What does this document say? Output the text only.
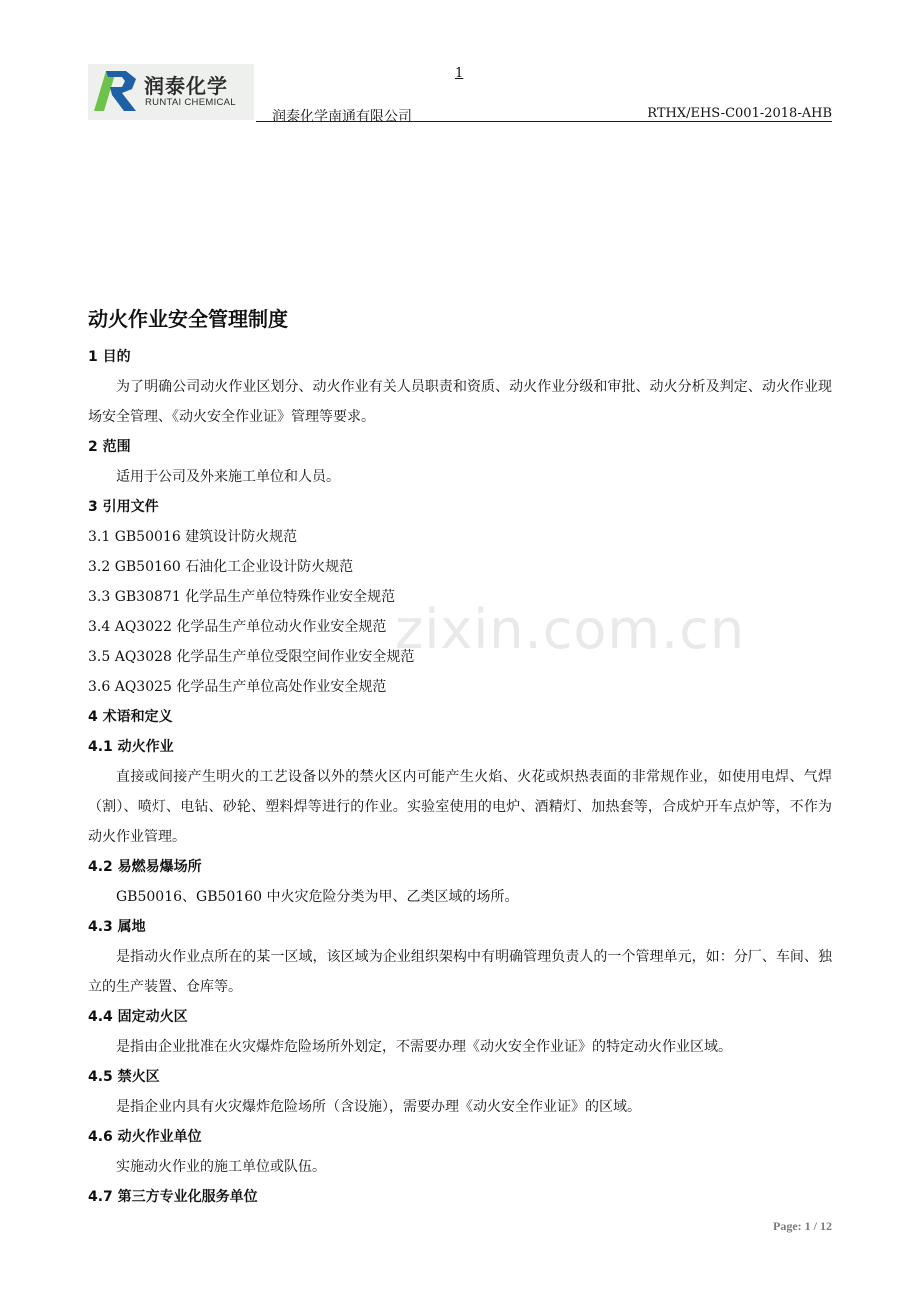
润泰化学
RUNTAI CHEMICAL
1
润泰化学南通有限公司	RTHX/EHS-C001-2018-AHB
zixin.com.cn
动火作业安全管理制度
1 目的
为了明确公司动火作业区划分、动火作业有关人员职责和资质、动火作业分级和审批、动火分析及判定、动火作业现场安全管理、《动火安全作业证》管理等要求。
2 范围
适用于公司及外来施工单位和人员。
3 引用文件
3.1 GB50016 建筑设计防火规范
3.2 GB50160 石油化工企业设计防火规范
3.3 GB30871 化学品生产单位特殊作业安全规范
3.4 AQ3022 化学品生产单位动火作业安全规范
3.5 AQ3028 化学品生产单位受限空间作业安全规范
3.6 AQ3025 化学品生产单位高处作业安全规范
4 术语和定义
4.1 动火作业
直接或间接产生明火的工艺设备以外的禁火区内可能产生火焰、火花或炽热表面的非常规作业，如使用电焊、气焊（割）、喷灯、电钻、砂轮、塑料焊等进行的作业。实验室使用的电炉、酒精灯、加热套等，合成炉开车点炉等，不作为动火作业管理。
4.2 易燃易爆场所
GB50016、GB50160 中火灾危险分类为甲、乙类区域的场所。
4.3 属地
是指动火作业点所在的某一区域，该区域为企业组织架构中有明确管理负责人的一个管理单元，如：分厂、车间、独立的生产装置、仓库等。
4.4 固定动火区
是指由企业批准在火灾爆炸危险场所外划定，不需要办理《动火安全作业证》的特定动火作业区域。
4.5 禁火区
是指企业内具有火灾爆炸危险场所（含设施），需要办理《动火安全作业证》的区域。
4.6 动火作业单位
实施动火作业的施工单位或队伍。
4.7 第三方专业化服务单位
Page: 1 / 12
